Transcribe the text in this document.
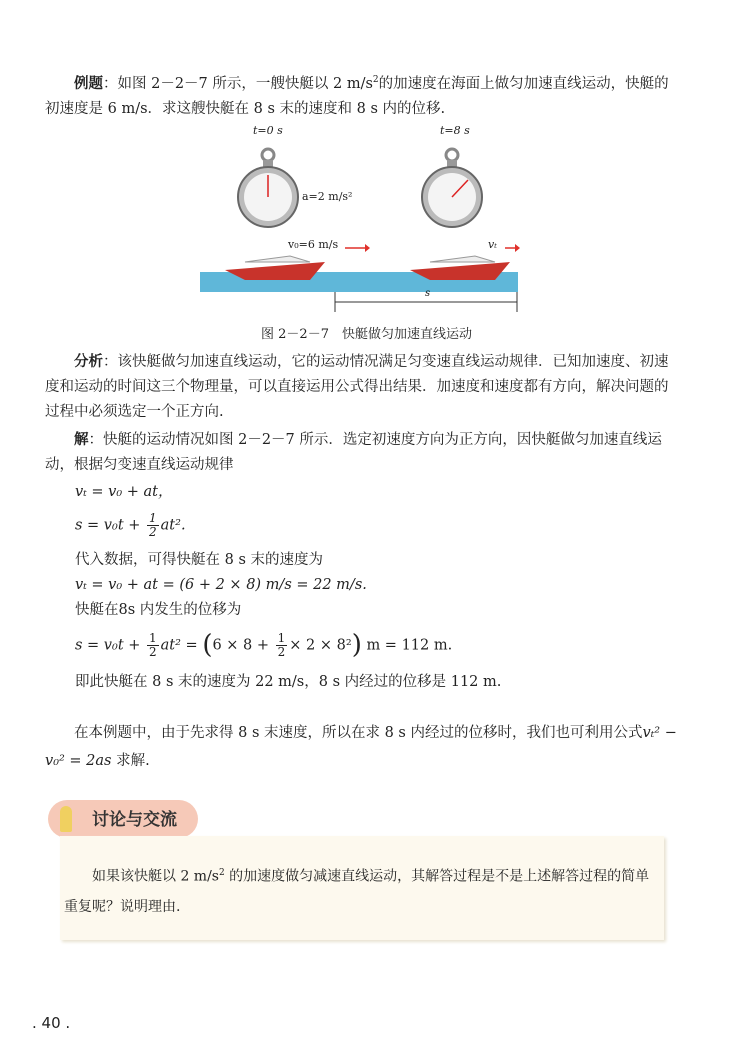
例题：如图 2－2－7 所示，一艘快艇以 2 $m/s^2$的加速度在海面上做匀加速直线运动，快艇的初速度是 6 m/s．求这艘快艇在 8 s 末的速度和 8 s 内的位移.
t=0 s	t=8 s
a=2 m/s²
v₀=6 m/s	vₜ
s
图 2－2－7　快艇做匀加速直线运动
分析：该快艇做匀加速直线运动，它的运动情况满足匀变速直线运动规律．已知加速度、初速度和运动的时间这三个物理量，可以直接运用公式得出结果．加速度和速度都有方向，解决问题的过程中必须选定一个正方向.
解：快艇的运动情况如图 2－2－7 所示．选定初速度方向为正方向，因快艇做匀加速直线运动，根据匀变速直线运动规律
vₜ = v₀ + at，
$s = v_0t + \frac{1}{2} at^2$.
代入数据，可得快艇在 8 s 末的速度为
vₜ = v₀ + at = (6 + 2 × 8) m/s = 22 m/s.
快艇在8s 内发生的位移为
$s = v_0t + \frac{1}{2} at^2 = (6 \times 8 + \frac{1}{2} \times 2 \times 8^2) m = 112$ m.
即此快艇在 8 s 末的速度为 22 m/s，8 s 内经过的位移是 112 m.
在本例题中，由于先求得 8 s 末速度，所以在求 8 s 内经过的位移时，我们也可利用公式vₜ² − v₀² = 2as 求解.
讨论与交流
如果该快艇以 2 $m/s^2$ 的加速度做匀减速直线运动，其解答过程是不是上述解答过程的简单重复呢？说明理由.
. 40 .
